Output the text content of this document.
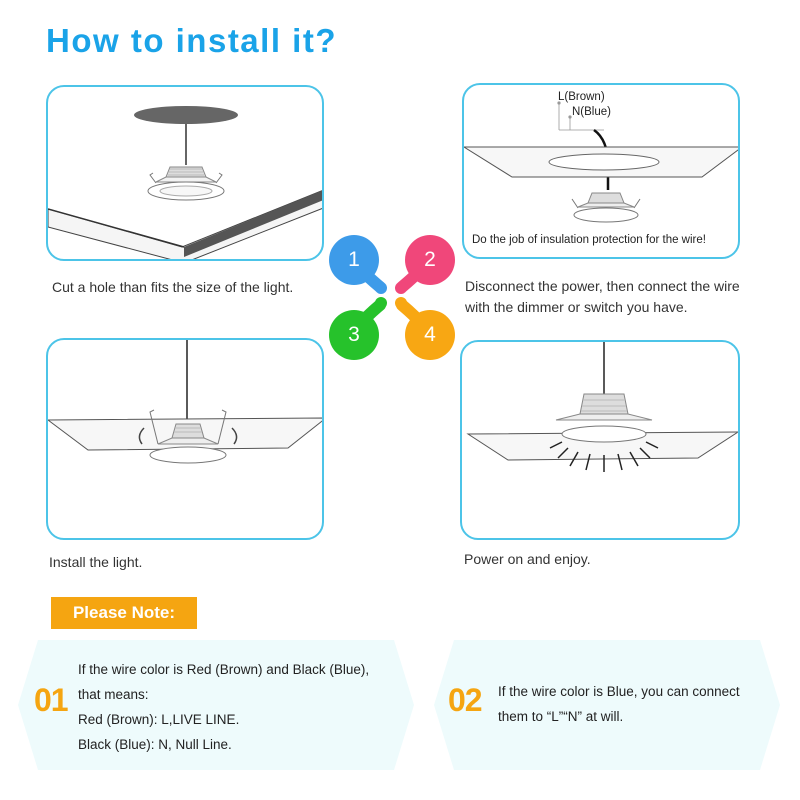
How to install it?
Cut a hole than fits the size of the light.
L(Brown)
N(Blue)
Do the job of insulation protection for the wire!
Disconnect the power, then connect the wire
with the dimmer or switch you have.
1	2
3	4
Install the light.	Power on and enjoy.
Please Note:
01
If the wire color is Red (Brown) and Black (Blue),
that means:
Red (Brown): L,LIVE LINE.
Black (Blue): N, Null Line.
02 If the wire color is Blue, you can connect
them to “L”“N” at will.
